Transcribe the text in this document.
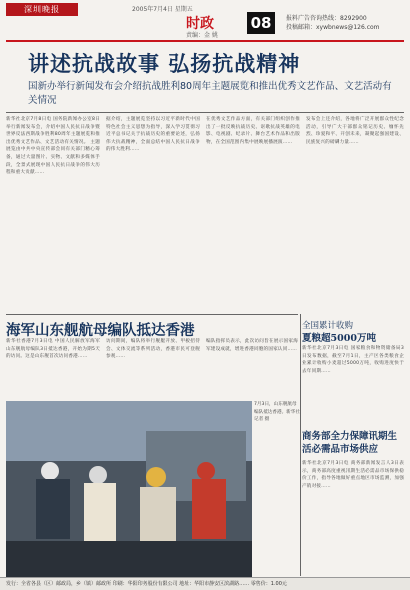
深圳晚报	2005年7月4日 星期五
时政
责编：金 姚
08	报料广告咨询热线：8292900
投稿邮箱：xywbnews@126.com
讲述抗战故事 弘扬抗战精神
国新办举行新闻发布会介绍抗战胜利80周年主题展览和推出优秀文艺作品、文艺活动有关情况
新华社北京7月8日电 国务院新闻办公室8日举行新闻发布会，介绍中国人民抗日战争暨世界反法西斯战争胜利80周年主题展览和推出优秀文艺作品、文艺活动有关情况。 主题展览由中共中央宣传部会同有关部门精心筹备，通过大量图片、实物、文献和多媒体手段，全景式展现中国人民抗日战争的伟大历程和重大贡献……
据介绍，主题展览坚持以习近平新时代中国特色社会主义思想为指导，深入学习贯彻习近平总书记关于抗战历史的重要论述，弘扬伟大抗战精神，全面总结中国人民抗日战争的伟大胜利……
在优秀文艺作品方面，有关部门组织创作推出了一批反映抗战历史、讴歌抗战英雄的电影、电视剧、纪录片、舞台艺术作品和出版物，在全国范围内集中展映展播展演……
发布会上还介绍，各地将广泛开展群众性纪念活动，引导广大干部群众铭记历史、缅怀先烈、珍爱和平、开创未来，凝聚起强国建设、民族复兴的磅礴力量……
海军山东舰航母编队抵达香港
新华社香港7月3日电 中国人民解放军海军山东舰航母编队3日抵达香港，开始为期5天的访问。这是山东舰首次访问香港……
访问期间，编队将举行舰艇开放、甲板招待会、文体交流等系列活动，香港市民可登舰参观……
编队指挥员表示，此次访问旨在展示国家海军建设成就，增进香港同胞的国家认同……
7月3日，山东舰航母编队抵达香港。新华社记者 摄
全国累计收购
夏粮超5000万吨
新华社北京7月3日电 国家粮食和物资储备局3日发布数据，截至7月1日，主产区各类粮食企业累计收购小麦超过5000万吨，收购进度快于去年同期……
商务部全力保障讯期生活必需品市场供应
新华社北京7月3日电 商务部新闻发言人3日表示，商务部高度重视汛期生活必需品市场保供稳价工作，指导各地做好重点地区市场监测，加强产销对接……
发行：全省各县（区）邮政局，乡（镇）邮政所 印刷：华阳印务股份有限公司 地址：华阳市静安区滨湖路…… 零售价：1.00元
